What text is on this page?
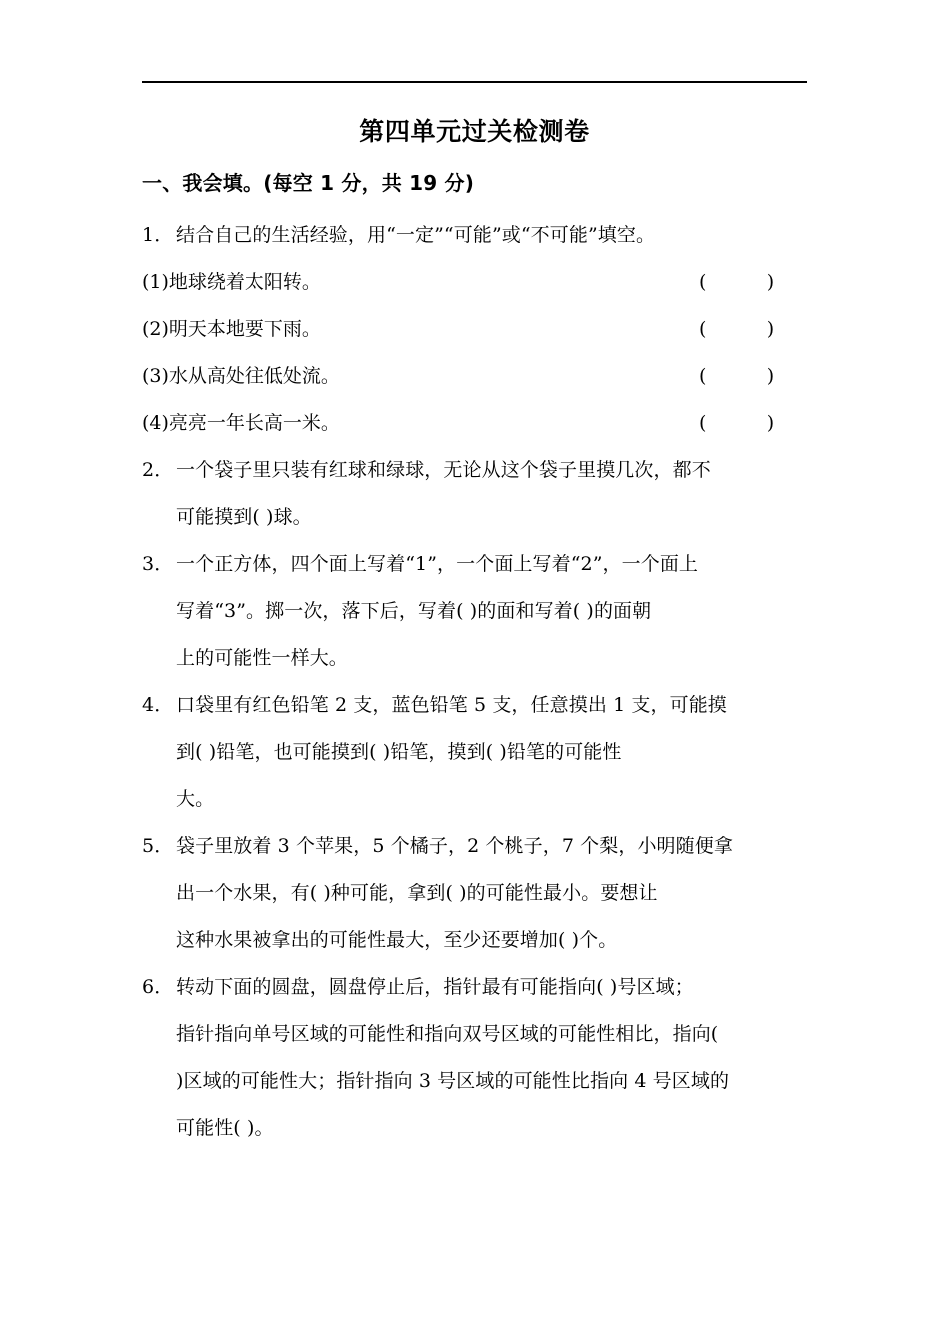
第四单元过关检测卷
一、我会填。(每空 1 分，共 19 分)
1． 结合自己的生活经验，用“一定”“可能”或“不可能”填空。
(1)地球绕着太阳转。	(          )
(2)明天本地要下雨。	(          )
(3)水从高处往低处流。	(          )
(4)亮亮一年长高一米。	(          )
2． 一个袋子里只装有红球和绿球，无论从这个袋子里摸几次，都不
可能摸到( )球。
3． 一个正方体，四个面上写着“1”，一个面上写着“2”，一个面上
写着“3”。掷一次，落下后，写着( )的面和写着( )的面朝
上的可能性一样大。
4． 口袋里有红色铅笔 2 支，蓝色铅笔 5 支，任意摸出 1 支，可能摸
到( )铅笔，也可能摸到( )铅笔，摸到( )铅笔的可能性
大。
5． 袋子里放着 3 个苹果，5 个橘子，2 个桃子，7 个梨，小明随便拿
出一个水果，有( )种可能，拿到( )的可能性最小。要想让
这种水果被拿出的可能性最大，至少还要增加( )个。
6． 转动下面的圆盘，圆盘停止后，指针最有可能指向( )号区域；
指针指向单号区域的可能性和指向双号区域的可能性相比，指向(
)区域的可能性大；指针指向 3 号区域的可能性比指向 4 号区域的
可能性( )。
